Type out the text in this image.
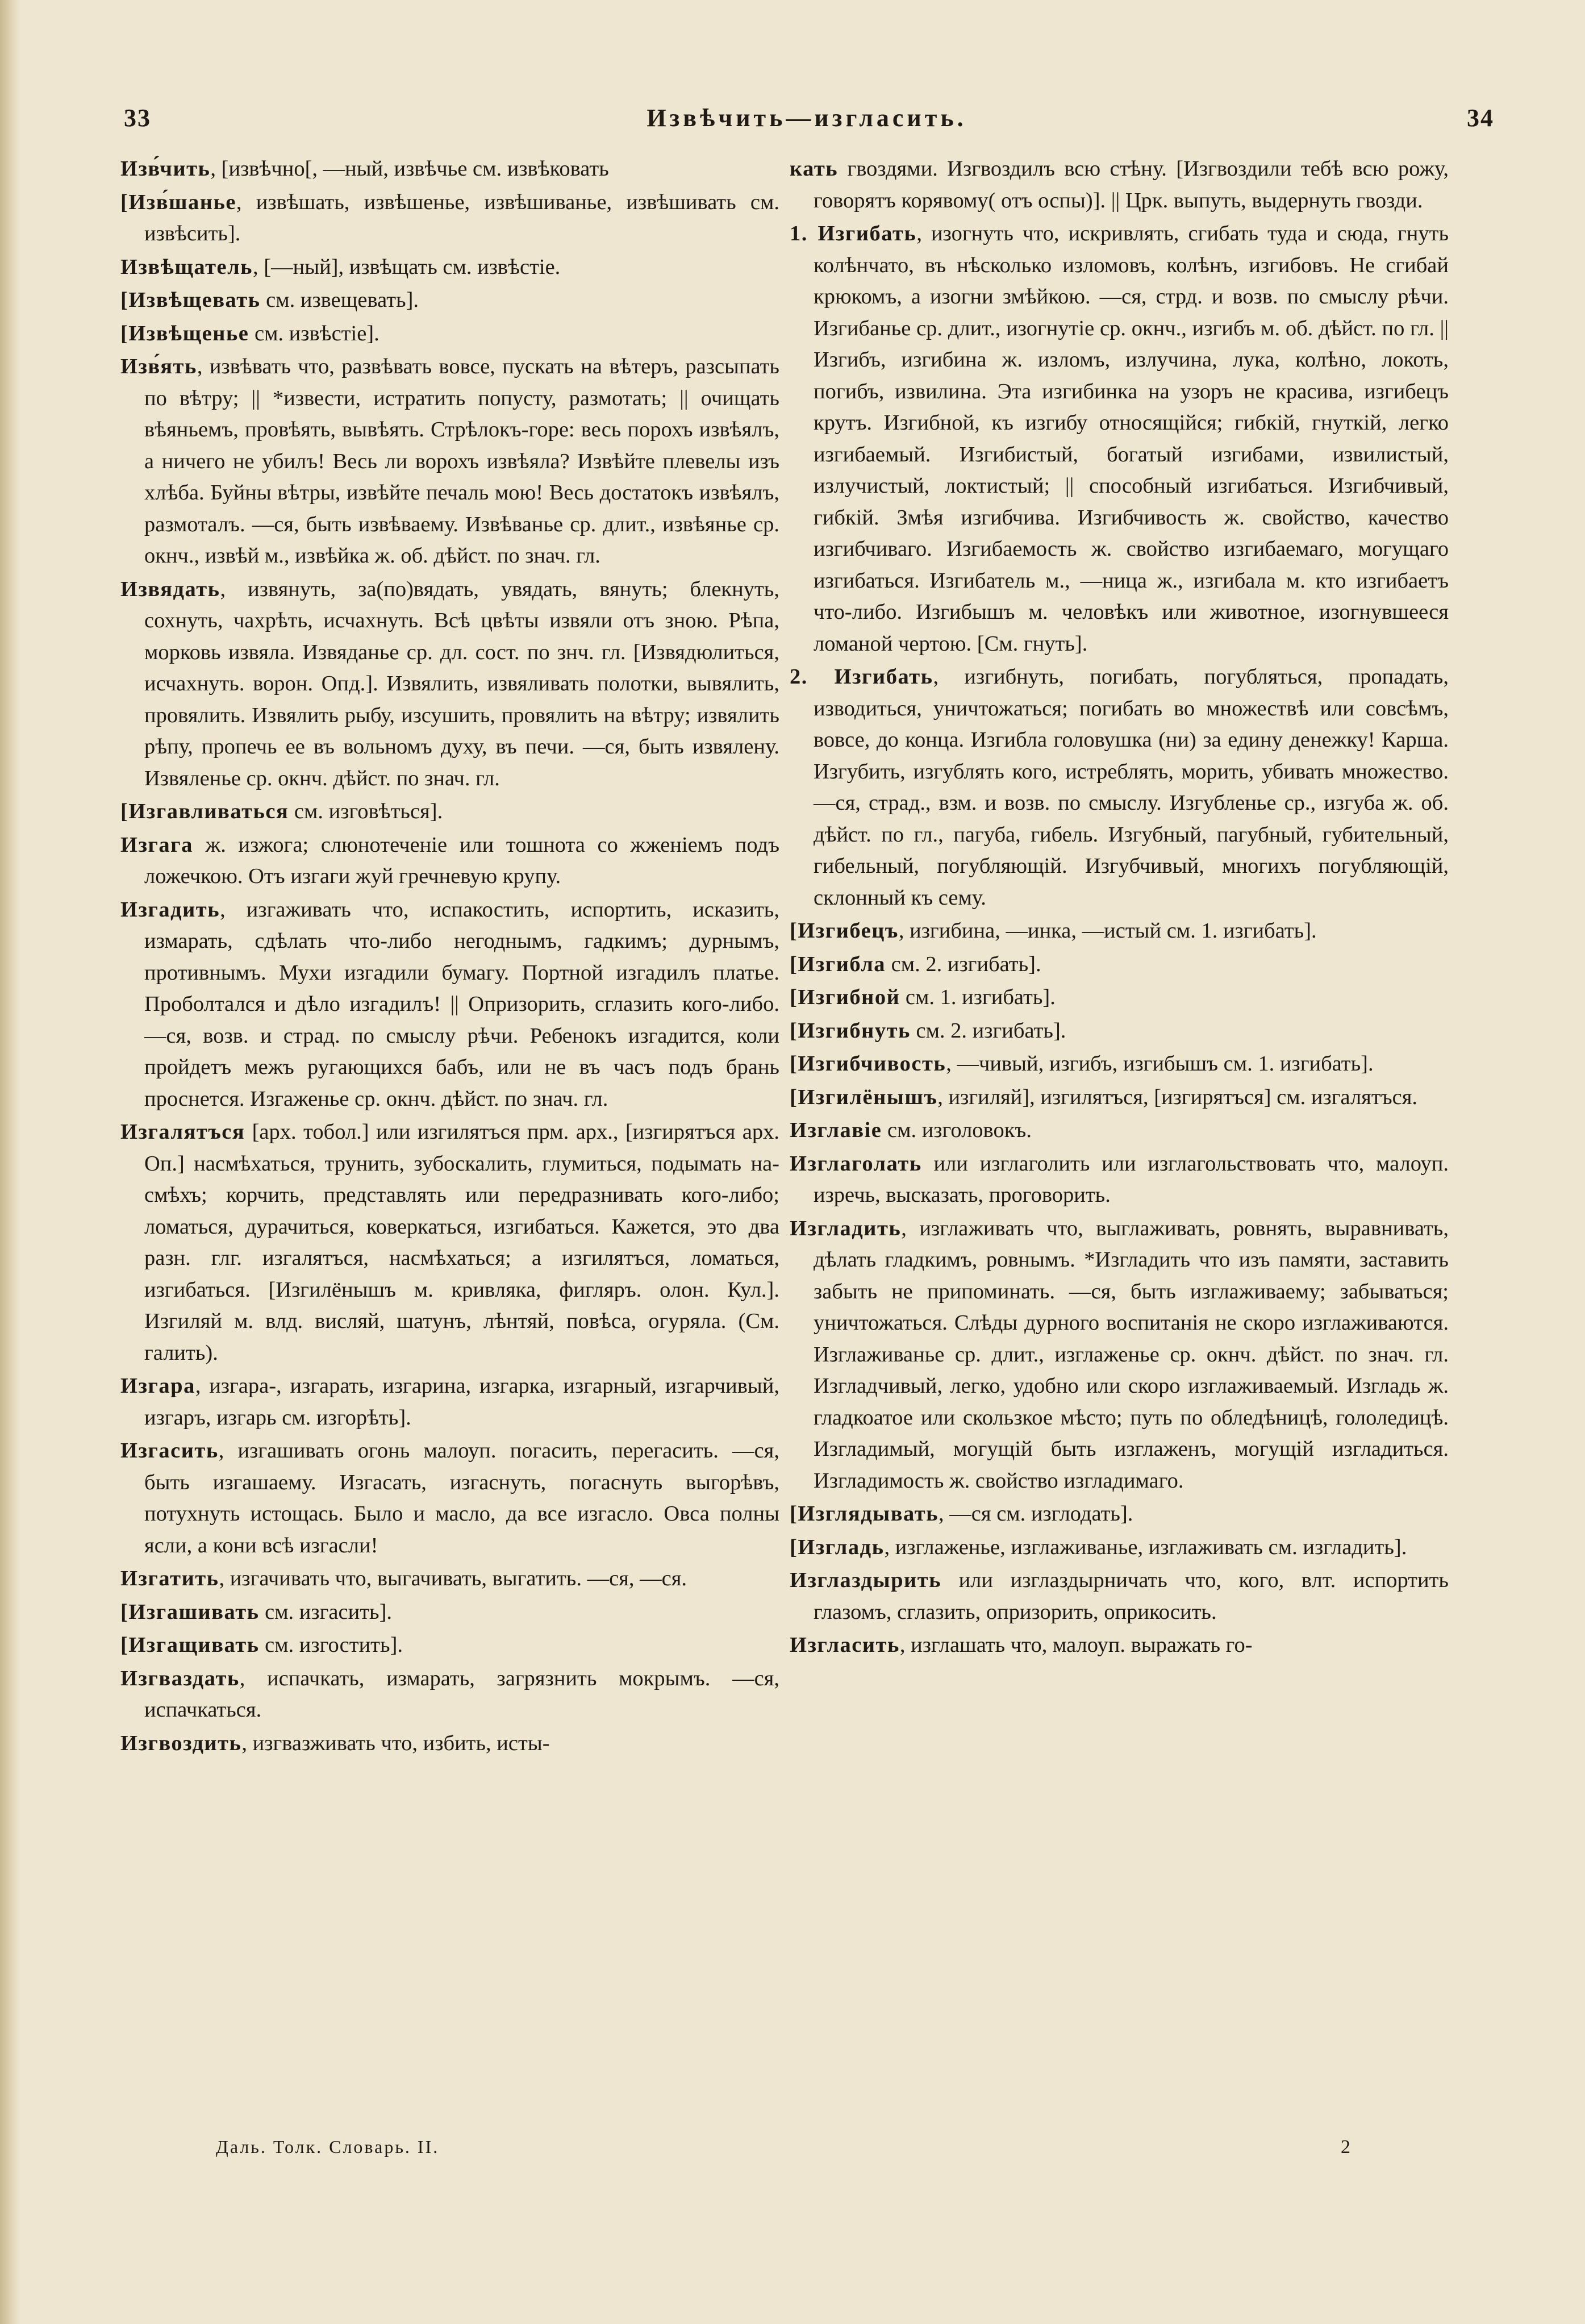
33	Извѣчить—изгласить.	34

Изв́чить, [извѣчно[, —ный, извѣчье см. извѣковать

[Изв́шанье, извѣшать, извѣшенье, извѣшиванье, извѣшивать см. извѣсить].

Извѣщатель, [—ный], извѣщать см. извѣстіе.

[Извѣщевать см. извещевать].

[Извѣщенье см. извѣстіе].

Изв́ять, извѣвать что, развѣвать вовсе, пускать на вѣтеръ, разсыпать по вѣтру; || *извести, истратить попусту, размотать; || очищать вѣяньемъ, провѣять, вывѣять. Стрѣлокъ-горе: весь порохъ извѣялъ, а ничего не убилъ! Весь ли ворохъ извѣяла? Извѣйте плевелы изъ хлѣба. Буйны вѣтры, извѣйте печаль мою! Весь достатокъ извѣялъ, размоталъ. —ся, быть извѣваему. Извѣванье ср. длит., извѣянье ср. окнч., извѣй м., извѣйка ж. об. дѣйст. по знач. гл.

Извядать, извянуть, за(по)вядать, увядать, вянуть; блекнуть, сохнуть, чахрѣть, исчахнуть. Всѣ цвѣты извяли отъ зною. Рѣпа, морковь извяла. Извяданье ср. дл. сост. по знч. гл. [Извядюлиться, исчахнуть. ворон. Опд.]. Извялить, извяливать полотки, вывялить, провялить. Извялить рыбу, изсушить, провялить на вѣтру; извялить рѣпу, пропечь ее въ вольномъ духу, въ печи. —ся, быть извялену. Извяленье ср. окнч. дѣйст. по знач. гл.

[Изгавливаться см. изговѣться].

Изгага ж. изжога; слюнотеченіе или тошнота со жженіемъ подъ ложечкою. Отъ изгаги жуй гречневую крупу.

Изгадить, изгаживать что, испакостить, испортить, исказить, измарать, сдѣлать что-либо негоднымъ, гадкимъ; дурнымъ, противнымъ. Мухи изгадили бумагу. Портной изгадилъ платье. Проболтался и дѣло изгадилъ! || Опризорить, сглазить кого-либо. —ся, возв. и страд. по смыслу рѣчи. Ребенокъ изгадится, коли пройдетъ межъ ругающихся бабъ, или не въ часъ подъ брань проснется. Изгаженье ср. окнч. дѣйст. по знач. гл.

Изгалятъся [арх. тобол.] или изгилятъся прм. арх., [изгирятъся арх. Оп.] насмѣхаться, трунить, зубоскалить, глумиться, подымать на-смѣхъ; корчить, представлять или передразнивать кого-либо; ломаться, дурачиться, коверкаться, изгибаться. Кажется, это два разн. глг. изгалятъся, насмѣхаться; а изгилятъся, ломаться, изгибаться. [Изгилёнышъ м. кривляка, фигляръ. олон. Кул.]. Изгиляй м. влд. висляй, шатунъ, лѣнтяй, повѣса, огуряла. (См. галить).

Изгара, изгара-, изгарать, изгарина, изгарка, изгарный, изгарчивый, изгаръ, изгарь см. изгорѣть].

Изгасить, изгашивать огонь малоуп. погасить, перегасить. —ся, быть изгашаему. Изгасать, изгаснуть, погаснуть выгорѣвъ, потухнуть истощась. Было и масло, да все изгасло. Овса полны ясли, а кони всѣ изгасли!

Изгатить, изгачивать что, выгачивать, выгатить. —ся, —ся.

[Изгашивать см. изгасить].

[Изгащивать см. изгостить].

Изгваздать, испачкать, измарать, загрязнить мокрымъ. —ся, испачкаться.

Изгвоздить, изгвазживать что, избить, исты-

кать гвоздями. Изгвоздилъ всю стѣну. [Изгвоздили тебѣ всю рожу, говорятъ корявому( отъ оспы)]. || Црк. выпуть, выдернуть гвозди.

1. Изгибать, изогнуть что, искривлять, сгибать туда и сюда, гнуть колѣнчато, въ нѣсколько изломовъ, колѣнъ, изгибовъ. Не сгибай крюкомъ, а изогни змѣйкою. —ся, стрд. и возв. по смыслу рѣчи. Изгибанье ср. длит., изогнутіе ср. окнч., изгибъ м. об. дѣйст. по гл. || Изгибъ, изгибина ж. изломъ, излучина, лука, колѣно, локоть, погибъ, извилина. Эта изгибинка на узоръ не красива, изгибецъ крутъ. Изгибной, къ изгибу относящійся; гибкій, гнуткій, легко изгибаемый. Изгибистый, богатый изгибами, извилистый, излучистый, локтистый; || способный изгибаться. Изгибчивый, гибкій. Змѣя изгибчива. Изгибчивость ж. свойство, качество изгибчиваго. Изгибаемость ж. свойство изгибаемаго, могущаго изгибаться. Изгибатель м., —ница ж., изгибала м. кто изгибаетъ что-либо. Изгибышъ м. человѣкъ или животное, изогнувшееся ломаной чертою. [См. гнуть].

2. Изгибать, изгибнуть, погибать, погубляться, пропадать, изводиться, уничтожаться; погибать во множествѣ или совсѣмъ, вовсе, до конца. Изгибла головушка (ни) за едину денежку! Карша. Изгубить, изгублять кого, истреблять, морить, убивать множество. —ся, страд., взм. и возв. по смыслу. Изгубленье ср., изгуба ж. об. дѣйст. по гл., пагуба, гибель. Изгубный, пагубный, губительный, гибельный, погубляющій. Изгубчивый, многихъ погубляющій, склонный къ сему.

[Изгибецъ, изгибина, —инка, —истый см. 1. изгибать].

[Изгибла см. 2. изгибать].

[Изгибной см. 1. изгибать].

[Изгибнуть см. 2. изгибать].

[Изгибчивость, —чивый, изгибъ, изгибышъ см. 1. изгибать].

[Изгилёнышъ, изгиляй], изгилятъся, [изгирятъся] см. изгалятъся.

Изглавіе см. изголовокъ.

Изглаголать или изглаголить или изглагольствовать что, малоуп. изречь, высказать, проговорить.

Изгладить, изглаживать что, выглаживать, ровнять, выравнивать, дѣлать гладкимъ, ровнымъ. *Изгладить что изъ памяти, заставить забыть не припоминать. —ся, быть изглаживаему; забываться; уничтожаться. Слѣды дурного воспитанія не скоро изглаживаются. Изглаживанье ср. длит., изглаженье ср. окнч. дѣйст. по знач. гл. Изгладчивый, легко, удобно или скоро изглаживаемый. Изгладь ж. гладкоатое или скользкое мѣсто; путь по обледѣницѣ, гололедицѣ. Изгладимый, могущій быть изглаженъ, могущій изгладиться. Изгладимость ж. свойство изгладимаго.

[Изглядывать, —ся см. изглодать].

[Изгладь, изглаженье, изглаживанье, изглаживать см. изгладить].

Изглаздырить или изглаздырничать что, кого, влт. испортить глазомъ, сглазить, опризорить, оприкосить.

Изгласить, изглашать что, малоуп. выражать го-

Даль. Толк. Словарь. II.	2
